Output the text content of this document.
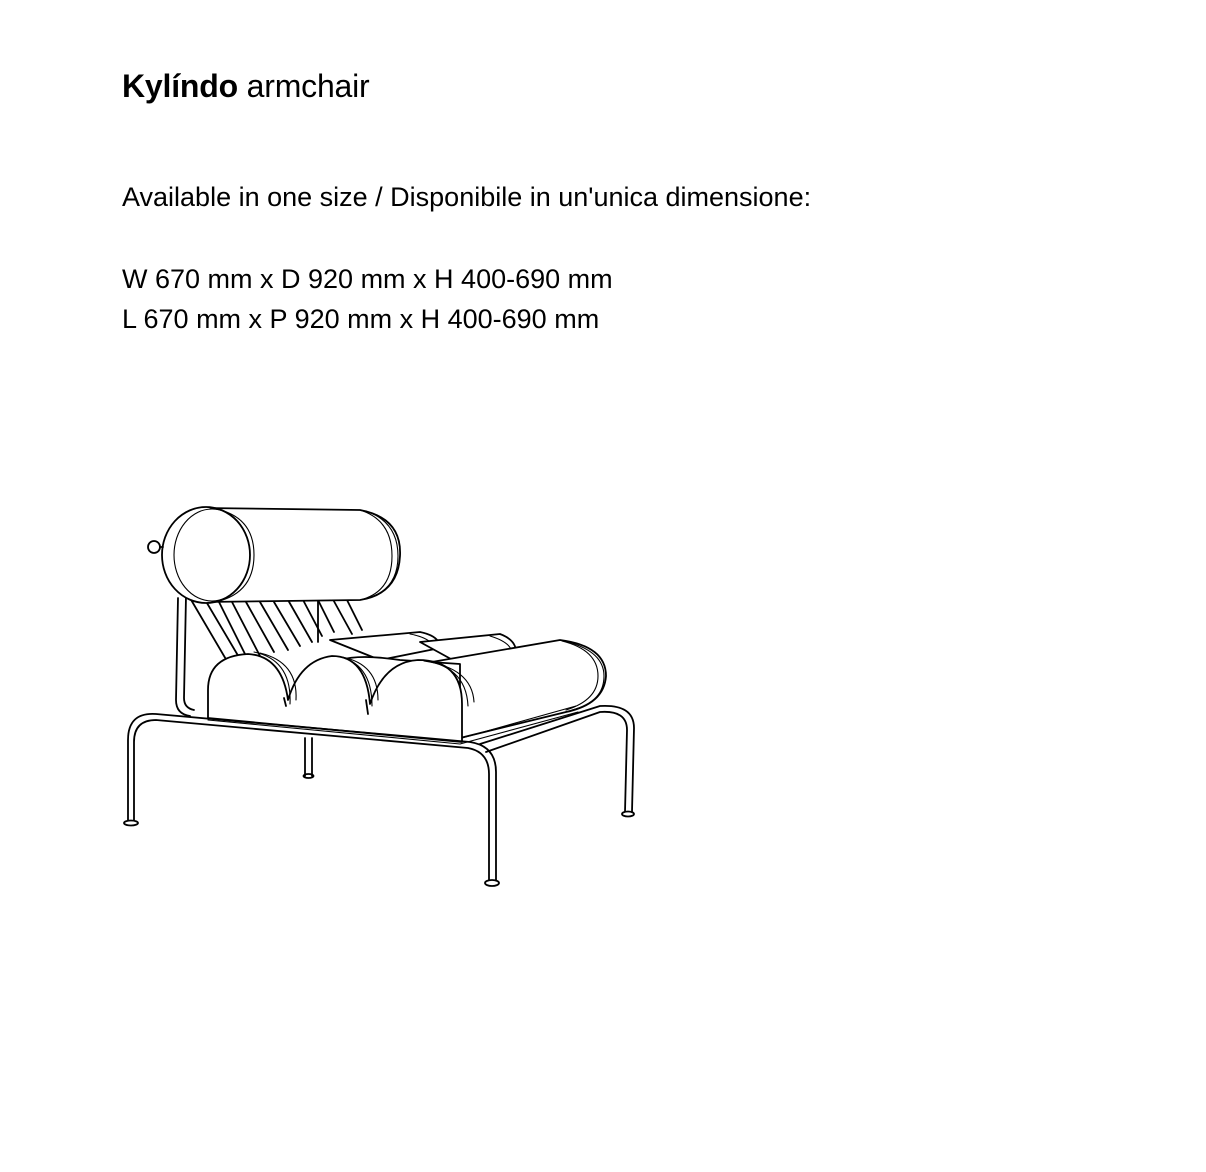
Kylíndo armchair
Available in one size / Disponibile in un'unica dimensione:
W 670 mm x D 920 mm x H 400-690 mm
L 670 mm x P 920 mm x H 400-690 mm
